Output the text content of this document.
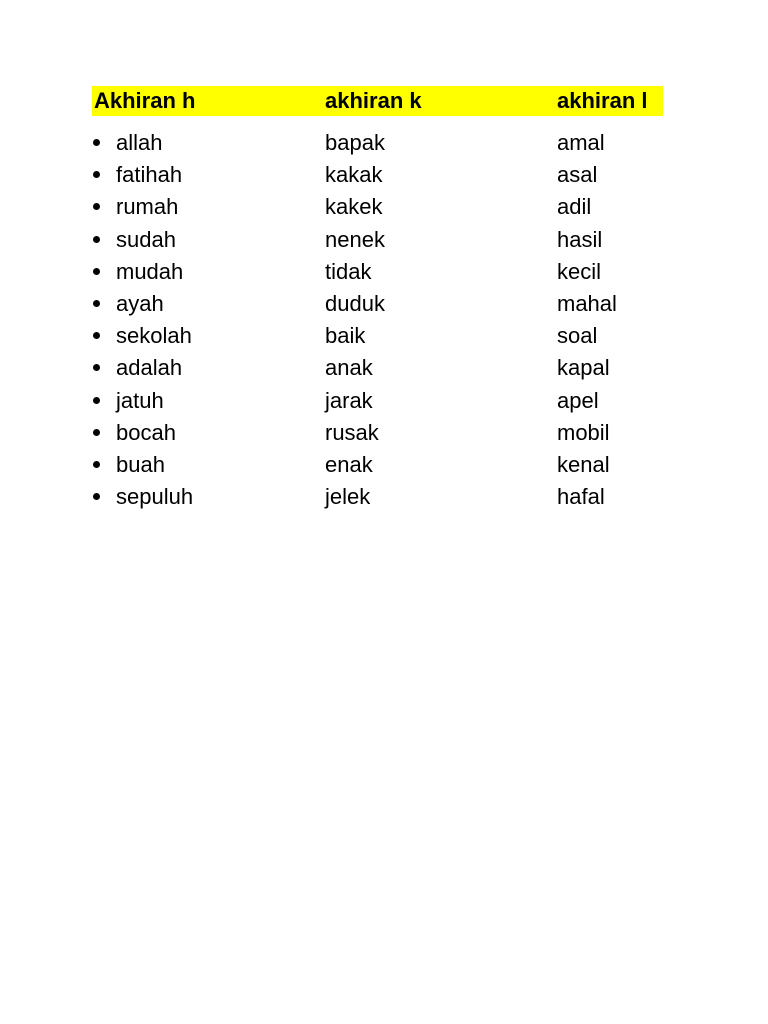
Akhiran h	akhiran k	akhiran l
allah	bapak	amal
fatihah	kakak	asal
rumah	kakek	adil
sudah	nenek	hasil
mudah	tidak	kecil
ayah	duduk	mahal
sekolah	baik	soal
adalah	anak	kapal
jatuh	jarak	apel
bocah	rusak	mobil
buah	enak	kenal
sepuluh	jelek	hafal
